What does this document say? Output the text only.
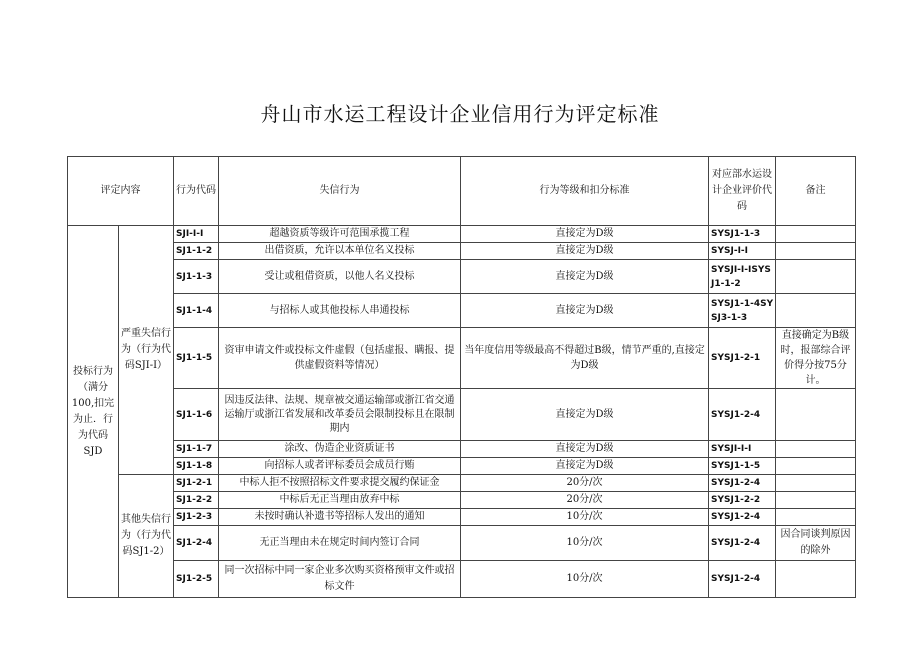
舟山市水运工程设计企业信用行为评定标准
评定内容		行为代码	失信行为	行为等级和扣分标准	对应部水运设计企业评价代码	备注
投标行为（满分100,扣完为止．行为代码SJD	严重失信行为（行为代码SJI-I）	SJI-I-I	超越资质等级许可范围承揽工程	直接定为D级	SYSJ1-1-3	
		SJ1-1-2	出借资质，允许以本单位名义投标	直接定为D级	SYSJ-I-I	
		SJ1-1-3	受让或租借资质，以他人名义投标	直接定为D级	SYSJI-I-ISYSJ1-1-2	
		SJ1-1-4	与招标人或其他投标人串通投标	直接定为D级	SYSJ1-1-4SYSJ3-1-3	
		SJ1-1-5	资审申请文件或投标文件虚假（包括虚报、瞒报、提供虚假资料等情况）	当年度信用等级最高不得超过B级，情节严重的,直接定为D级	SYSJ1-2-1	直接确定为B级时，报部综合评价得分按75分计。
		SJ1-1-6	因违反法律、法规、规章被交通运输部或浙江省交通运输厅或浙江省发展和改革委员会限制投标且在限制期内	直接定为D级	SYSJ1-2-4	
		SJ1-1-7	涂改、伪造企业资质证书	直接定为D级	SYSJI-I-I	
		SJ1-1-8	向招标人或者评标委员会成员行贿	直接定为D级	SYSJ1-1-5	
	其他失信行为（行为代码SJ1-2）	SJ1-2-1	中标人拒不按照招标文件要求提交履约保证金	20分/次	SYSJ1-2-4	
		SJ1-2-2	中标后无正当理由放弃中标	20分/次	SYSJ1-2-2	
		SJ1-2-3	未按时确认补遗书等招标人发出的通知	10分/次	SYSJ1-2-4	
		SJ1-2-4	无正当理由未在规定时间内签订合同	10分/次	SYSJ1-2-4	因合同谈判原因的除外
		SJ1-2-5	同一次招标中同一家企业多次购买资格预审文件或招标文件	10分/次	SYSJ1-2-4	
